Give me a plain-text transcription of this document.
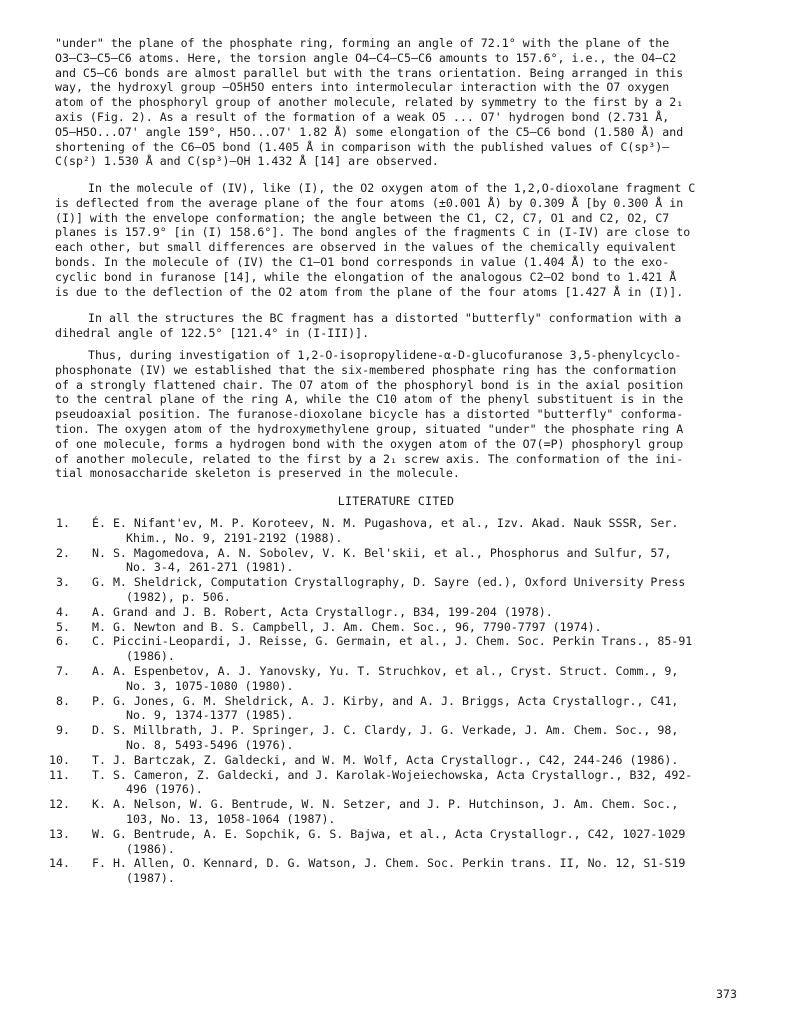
"under" the plane of the phosphate ring, forming an angle of 72.1° with the plane of the
O3—C3—C5—C6 atoms. Here, the torsion angle O4—C4—C5—C6 amounts to 157.6°, i.e., the O4—C2
and C5—C6 bonds are almost parallel but with the trans orientation. Being arranged in this
way, the hydroxyl group —O5H5O enters into intermolecular interaction with the O7 oxygen
atom of the phosphoryl group of another molecule, related by symmetry to the first by a 2₁
axis (Fig. 2). As a result of the formation of a weak O5 ... O7' hydrogen bond (2.731 Å,
O5—H5O...O7' angle 159°, H5O...O7' 1.82 Å) some elongation of the C5—C6 bond (1.580 Å) and
shortening of the C6—O5 bond (1.405 Å in comparison with the published values of C(sp³)—
C(sp²) 1.530 Å and C(sp³)—OH 1.432 Å [14] are observed.
In the molecule of (IV), like (I), the O2 oxygen atom of the 1,2,O-dioxolane fragment C
is deflected from the average plane of the four atoms (±0.001 Å) by 0.309 Å [by 0.300 Å in
(I)] with the envelope conformation; the angle between the C1, C2, C7, O1 and C2, O2, C7
planes is 157.9° [in (I) 158.6°]. The bond angles of the fragments C in (I-IV) are close to
each other, but small differences are observed in the values of the chemically equivalent
bonds. In the molecule of (IV) the C1—O1 bond corresponds in value (1.404 Å) to the exo-
cyclic bond in furanose [14], while the elongation of the analogous C2—O2 bond to 1.421 Å
is due to the deflection of the O2 atom from the plane of the four atoms [1.427 Å in (I)].
In all the structures the BC fragment has a distorted "butterfly" conformation with a
dihedral angle of 122.5° [121.4° in (I-III)].
Thus, during investigation of 1,2-O-isopropylidene-α-D-glucofuranose 3,5-phenylcyclo-
phosphonate (IV) we established that the six-membered phosphate ring has the conformation
of a strongly flattened chair. The O7 atom of the phosphoryl bond is in the axial position
to the central plane of the ring A, while the C10 atom of the phenyl substituent is in the
pseudoaxial position. The furanose-dioxolane bicycle has a distorted "butterfly" conforma-
tion. The oxygen atom of the hydroxymethylene group, situated "under" the phosphate ring A
of one molecule, forms a hydrogen bond with the oxygen atom of the O7(=P) phosphoryl group
of another molecule, related to the first by a 2₁ screw axis. The conformation of the ini-
tial monosaccharide skeleton is preserved in the molecule.
LITERATURE CITED
1. É. E. Nifant'ev, M. P. Koroteev, N. M. Pugashova, et al., Izv. Akad. Nauk SSSR, Ser.
Khim., No. 9, 2191-2192 (1988).
2. N. S. Magomedova, A. N. Sobolev, V. K. Bel'skii, et al., Phosphorus and Sulfur, 57,
No. 3-4, 261-271 (1981).
3. G. M. Sheldrick, Computation Crystallography, D. Sayre (ed.), Oxford University Press
(1982), p. 506.
4. A. Grand and J. B. Robert, Acta Crystallogr., B34, 199-204 (1978).
5. M. G. Newton and B. S. Campbell, J. Am. Chem. Soc., 96, 7790-7797 (1974).
6. C. Piccini-Leopardi, J. Reisse, G. Germain, et al., J. Chem. Soc. Perkin Trans., 85-91
(1986).
7. A. A. Espenbetov, A. J. Yanovsky, Yu. T. Struchkov, et al., Cryst. Struct. Comm., 9,
No. 3, 1075-1080 (1980).
8. P. G. Jones, G. M. Sheldrick, A. J. Kirby, and A. J. Briggs, Acta Crystallogr., C41,
No. 9, 1374-1377 (1985).
9. D. S. Millbrath, J. P. Springer, J. C. Clardy, J. G. Verkade, J. Am. Chem. Soc., 98,
No. 8, 5493-5496 (1976).
10. T. J. Bartczak, Z. Galdecki, and W. M. Wolf, Acta Crystallogr., C42, 244-246 (1986).
11. T. S. Cameron, Z. Galdecki, and J. Karolak-Wojeiechowska, Acta Crystallogr., B32, 492-
496 (1976).
12. K. A. Nelson, W. G. Bentrude, W. N. Setzer, and J. P. Hutchinson, J. Am. Chem. Soc.,
103, No. 13, 1058-1064 (1987).
13. W. G. Bentrude, A. E. Sopchik, G. S. Bajwa, et al., Acta Crystallogr., C42, 1027-1029
(1986).
14. F. H. Allen, O. Kennard, D. G. Watson, J. Chem. Soc. Perkin trans. II, No. 12, S1-S19
(1987).
373
